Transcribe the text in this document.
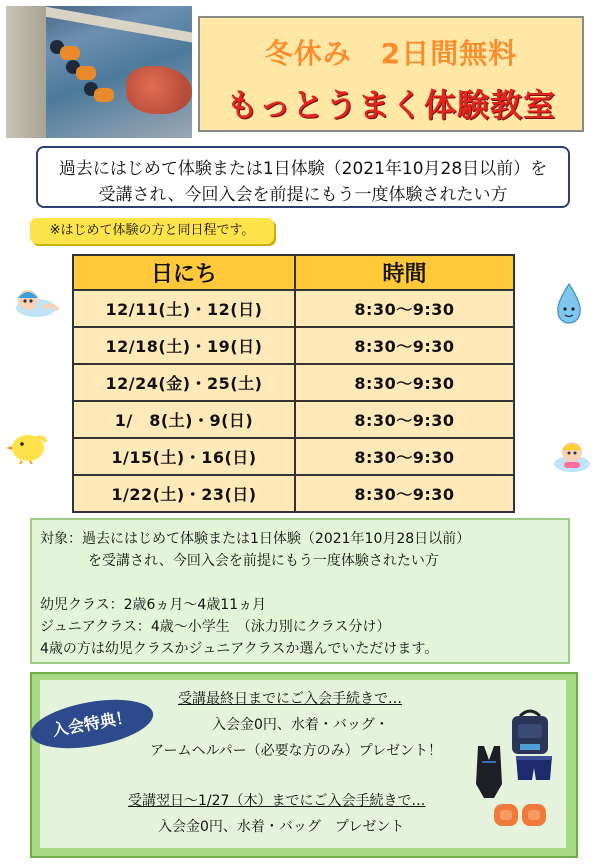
冬休み　2日間無料
もっとうまく体験教室
過去にはじめて体験または1日体験（2021年10月28日以前）を
受講され、今回入会を前提にもう一度体験されたい方
※はじめて体験の方と同日程です。
日にち	時間
12/11(土)・12(日)	8:30～9:30
12/18(土)・19(日)	8:30～9:30
12/24(金)・25(土)	8:30～9:30
1/　8(土)・9(日)	8:30～9:30
1/15(土)・16(日)	8:30～9:30
1/22(土)・23(日)	8:30～9:30
対象：過去にはじめて体験または1日体験（2021年10月28日以前）
を受講され、今回入会を前提にもう一度体験されたい方
幼児クラス：2歳6ヵ月～4歳11ヵ月
ジュニアクラス：4歳～小学生　（泳力別にクラス分け）
4歳の方は幼児クラスかジュニアクラスか選んでいただけます。
入会特典！
受講最終日までにご入会手続きで…
入会金0円、水着・バッグ・
アームヘルパー（必要な方のみ）プレゼント！
受講翌日～1/27（木）までにご入会手続きで…
入会金0円、水着・バッグ　プレゼント
